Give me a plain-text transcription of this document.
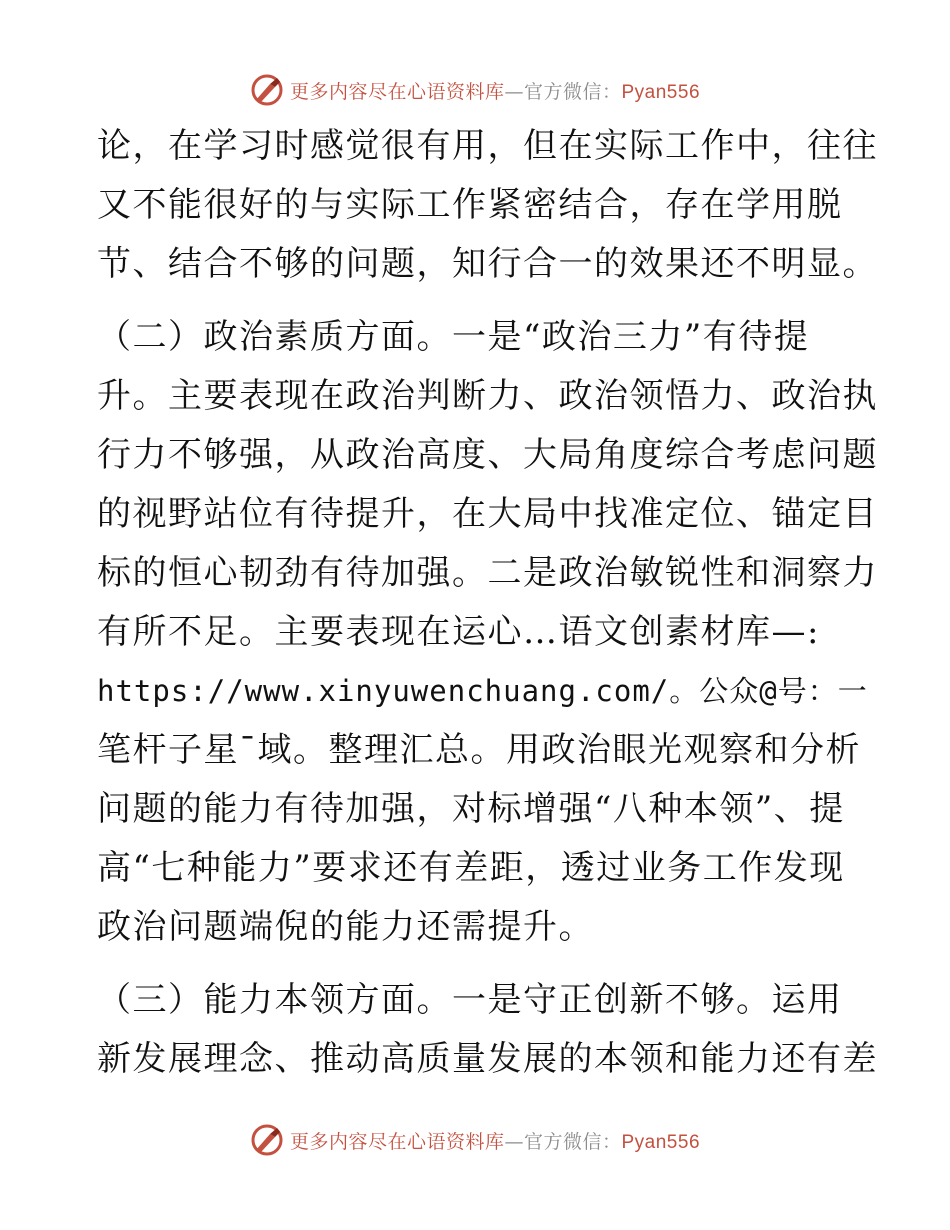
更多内容尽在心语资料库—官方微信：Pyan556

论，在学习时感觉很有用，但在实际工作中，往往
又不能很好的与实际工作紧密结合，存在学用脱
节、结合不够的问题，知行合一的效果还不明显。

（二）政治素质方面。一是“政治三力”有待提
升。主要表现在政治判断力、政治领悟力、政治执
行力不够强，从政治高度、大局角度综合考虑问题
的视野站位有待提升，在大局中找准定位、锚定目
标的恒心韧劲有待加强。二是政治敏锐性和洞察力
有所不足。主要表现在运心…语文创素材库—:
https://www.xinyuwenchuang.com/。公众@号：一
笔杆子星¯域。整理汇总。用政治眼光观察和分析
问题的能力有待加强，对标增强“八种本领”、提
高“七种能力”要求还有差距，透过业务工作发现
政治问题端倪的能力还需提升。

（三）能力本领方面。一是守正创新不够。运用
新发展理念、推动高质量发展的本领和能力还有差

更多内容尽在心语资料库—官方微信：Pyan556
